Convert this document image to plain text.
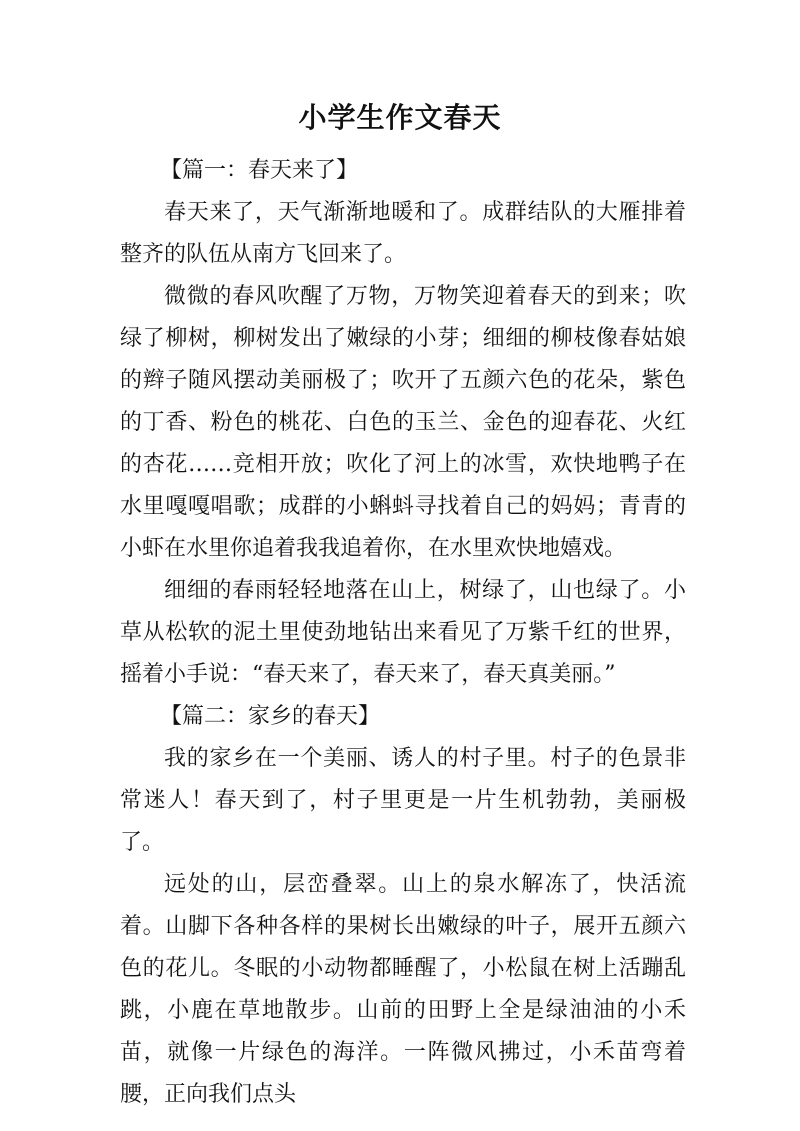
小学生作文春天

【篇一：春天来了】

春天来了，天气渐渐地暖和了。成群结队的大雁排着整齐的队伍从南方飞回来了。

微微的春风吹醒了万物，万物笑迎着春天的到来；吹绿了柳树，柳树发出了嫩绿的小芽；细细的柳枝像春姑娘的辫子随风摆动美丽极了；吹开了五颜六色的花朵，紫色的丁香、粉色的桃花、白色的玉兰、金色的迎春花、火红的杏花……竞相开放；吹化了河上的冰雪，欢快地鸭子在水里嘎嘎唱歌；成群的小蝌蚪寻找着自己的妈妈；青青的小虾在水里你追着我我追着你，在水里欢快地嬉戏。

细细的春雨轻轻地落在山上，树绿了，山也绿了。小草从松软的泥土里使劲地钻出来看见了万紫千红的世界，摇着小手说：“春天来了，春天来了，春天真美丽。”

【篇二：家乡的春天】

我的家乡在一个美丽、诱人的村子里。村子的色景非常迷人！春天到了，村子里更是一片生机勃勃，美丽极了。

远处的山，层峦叠翠。山上的泉水解冻了，快活流着。山脚下各种各样的果树长出嫩绿的叶子，展开五颜六色的花儿。冬眠的小动物都睡醒了，小松鼠在树上活蹦乱跳，小鹿在草地散步。山前的田野上全是绿油油的小禾苗，就像一片绿色的海洋。一阵微风拂过，小禾苗弯着腰，正向我们点头
